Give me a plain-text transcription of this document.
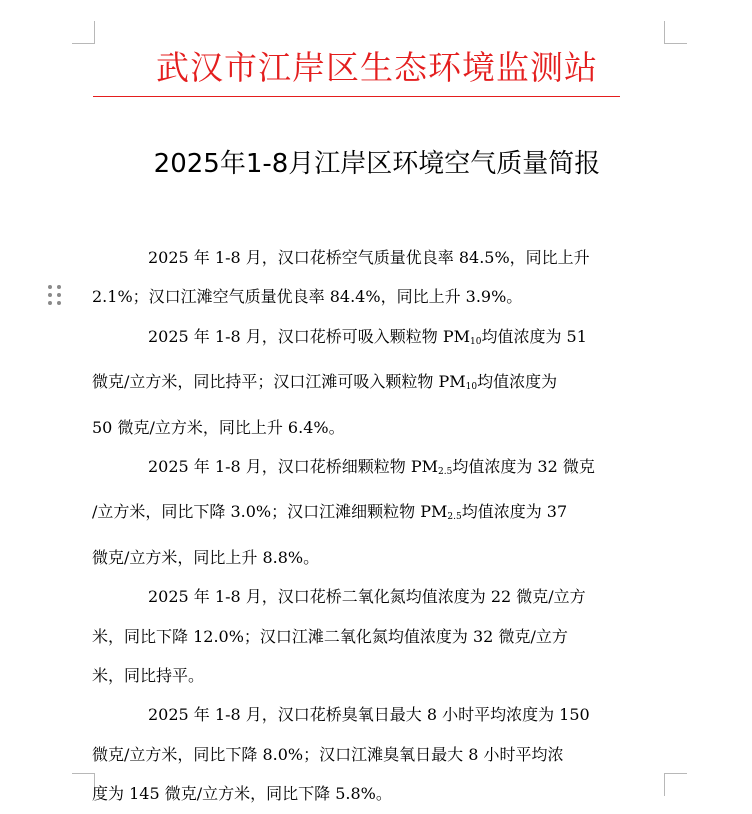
武汉市江岸区生态环境监测站
2025年1-8月江岸区环境空气质量简报

2025 年 1-8 月，汉口花桥空气质量优良率 84.5%，同比上升
2.1%；汉口江滩空气质量优良率 84.4%，同比上升 3.9%。

2025 年 1-8 月，汉口花桥可吸入颗粒物 $PM_{10}$均值浓度为 51
微克/立方米，同比持平；汉口江滩可吸入颗粒物 $PM_{10}$均值浓度为
50 微克/立方米，同比上升 6.4%。

2025 年 1-8 月，汉口花桥细颗粒物 $PM_{2.5}$均值浓度为 32 微克
/立方米，同比下降 3.0%；汉口江滩细颗粒物 $PM_{2.5}$均值浓度为 37
微克/立方米，同比上升 8.8%。

2025 年 1-8 月，汉口花桥二氧化氮均值浓度为 22 微克/立方
米，同比下降 12.0%；汉口江滩二氧化氮均值浓度为 32 微克/立方
米，同比持平。

2025 年 1-8 月，汉口花桥臭氧日最大 8 小时平均浓度为 150
微克/立方米，同比下降 8.0%；汉口江滩臭氧日最大 8 小时平均浓
度为 145 微克/立方米，同比下降 5.8%。
